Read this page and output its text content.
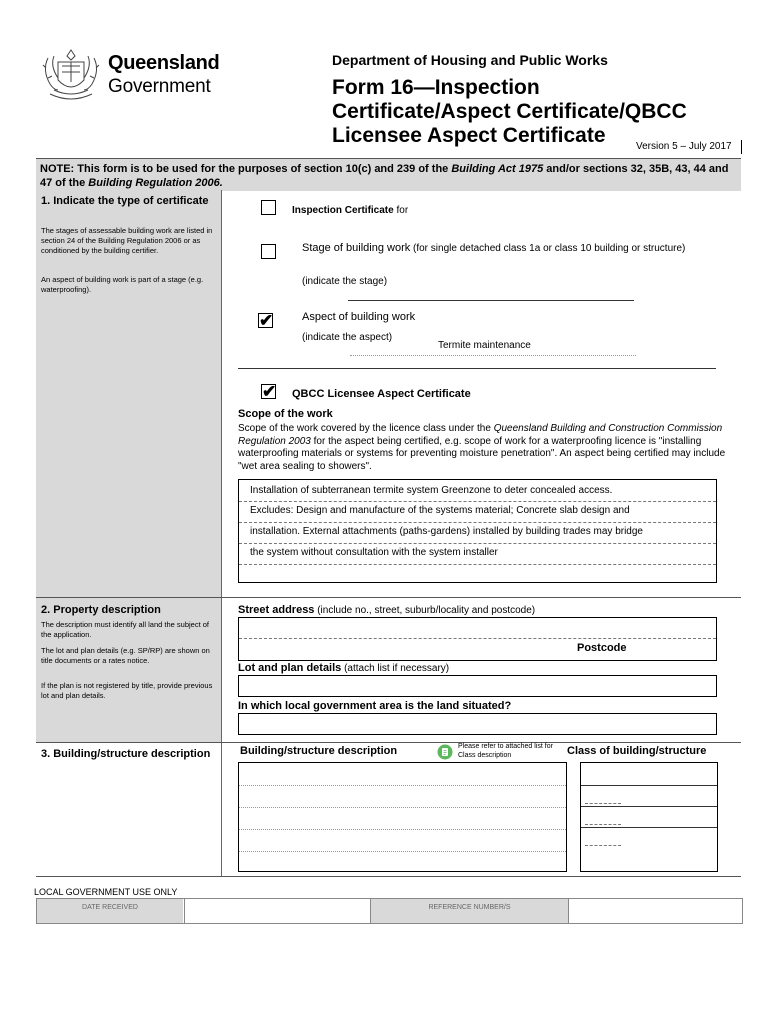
Queensland
Government
Department of Housing and Public Works
Form 16—Inspection
Certificate/Aspect Certificate/QBCC
Licensee Aspect Certificate	Version 5 – July 2017
NOTE: This form is to be used for the purposes of section 10(c) and 239 of the Building Act 1975 and/or sections 32, 35B, 43, 44 and 47 of the Building Regulation 2006.
1. Indicate the type of certificate
The stages of assessable building work are listed in section 24 of the Building Regulation 2006 or as conditioned by the building certifier.
An aspect of building work is part of a stage (e.g. waterproofing).
Inspection Certificate for
Stage of building work (for single detached class 1a or class 10 building or structure)
(indicate the stage)
✔	Aspect of building work
(indicate the aspect)
Termite maintenance
✔ QBCC Licensee Aspect Certificate
Scope of the work
Scope of the work covered by the licence class under the Queensland Building and Construction Commission Regulation 2003 for the aspect being certified, e.g. scope of work for a waterproofing licence is "installing waterproofing materials or systems for preventing moisture penetration". An aspect being certified may include "wet area sealing to showers".
Installation of subterranean termite system Greenzone to deter concealed access.
Excludes: Design and manufacture of the systems material; Concrete slab design and
installation. External attachments (paths-gardens) installed by building trades may bridge
the system without consultation with the system installer
2. Property description
The description must identify all land the subject of the application.
The lot and plan details (e.g. SP/RP) are shown on title documents or a rates notice.
If the plan is not registered by title, provide previous lot and plan details.
Street address (include no., street, suburb/locality and postcode)
Postcode
Lot and plan details (attach list if necessary)
In which local government area is the land situated?
3. Building/structure description	Building/structure description	Please refer to attached list for Class description	Class of building/structure
LOCAL GOVERNMENT USE ONLY
DATE RECEIVED	REFERENCE NUMBER/S
